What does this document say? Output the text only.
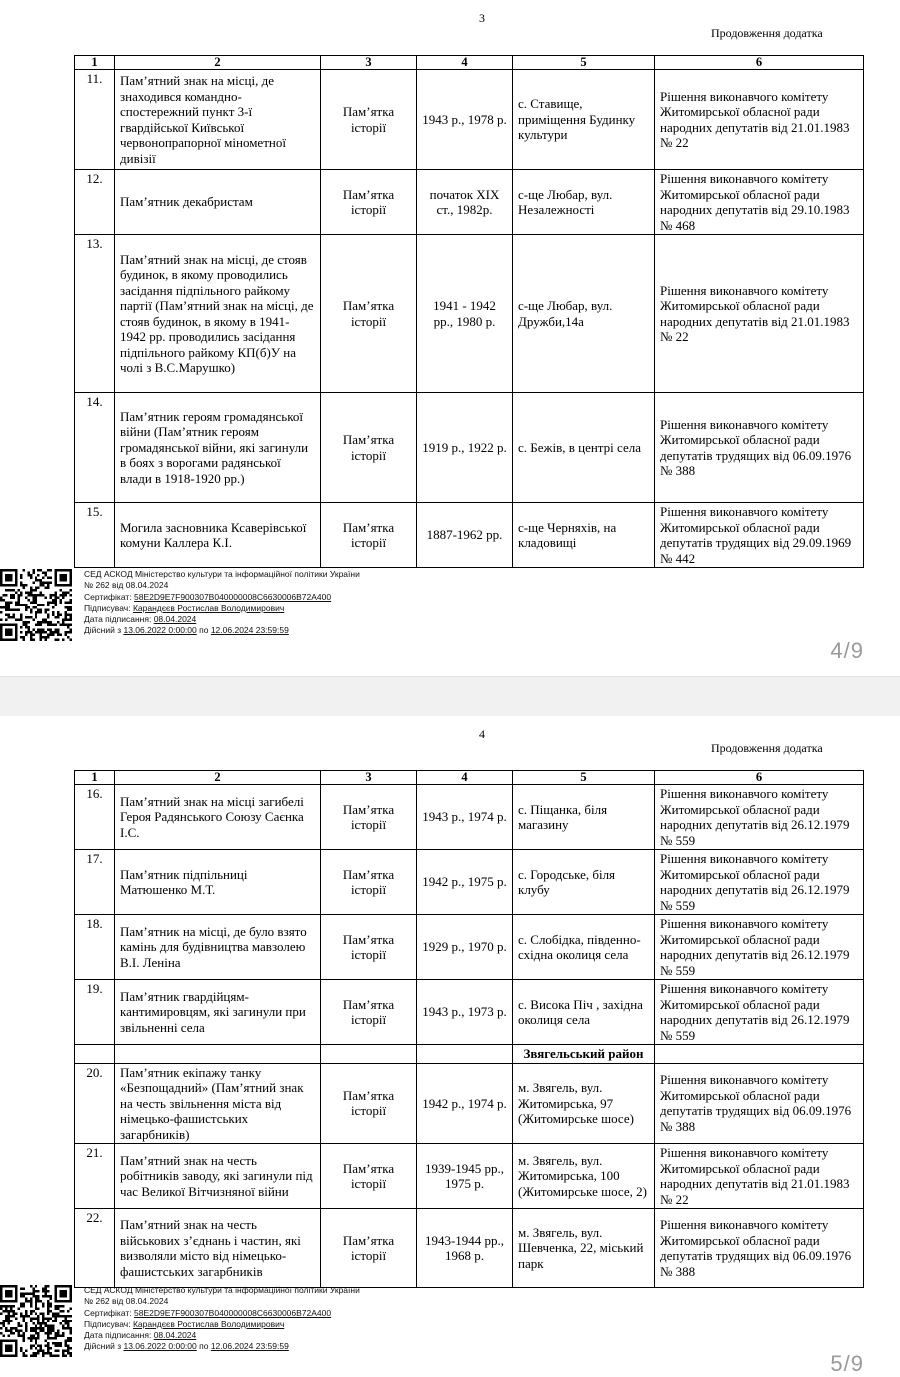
3
Продовження додатка
1	2	3	4	5	6
11.	Пам’ятний знак на місці, де знаходився командно-спостережний пункт 3-ї гвардійської Київської червонопрапорної мінометної дивізії	Пам’ятка історії	1943 р., 1978 р.	с. Ставище, приміщення Будинку культури	Рішення виконавчого комітету Житомирської обласної ради народних депутатів від 21.01.1983 № 22
12.	Пам’ятник декабристам	Пам’ятка історії	початок ХІХ ст., 1982р.	с-ще Любар, вул. Незалежності	Рішення виконавчого комітету Житомирської обласної ради народних депутатів від 29.10.1983 № 468
13.	Пам’ятний знак на місці, де стояв будинок, в якому проводились засідання підпільного райкому партії (Пам’ятний знак на місці, де стояв будинок, в якому в 1941-1942 рр. проводились засідання підпільного райкому КП(б)У на чолі з В.С.Марушко)	Пам’ятка історії	1941 - 1942 рр., 1980 р.	с-ще Любар, вул. Дружби,14а	Рішення виконавчого комітету Житомирської обласної ради народних депутатів від 21.01.1983 № 22
14.	Пам’ятник героям громадянської війни (Пам’ятник героям громадянської війни, які загинули в боях з ворогами радянської влади в 1918-1920 рр.)	Пам’ятка історії	1919 р., 1922 р.	с. Бежів, в центрі села	Рішення виконавчого комітету Житомирської обласної ради депутатів трудящих від 06.09.1976 № 388
15.	Могила засновника Ксаверівської комуни Каллера К.І.	Пам’ятка історії	1887-1962 рр.	с-ще Черняхів, на кладовищі	Рішення виконавчого комітету Житомирської обласної ради депутатів трудящих від 29.09.1969 № 442
СЕД АСКОД Міністерство культури та інформаційної політики України
№ 262 від 08.04.2024
Сертифікат: 58E2D9E7F900307B040000008C6630006B72A400
Підписувач: Карандєєв Ростислав Володимирович
Дата підписання: 08.04.2024
Дійсний з 13.06.2022 0:00:00 по 12.06.2024 23:59:59
4/9
4
Продовження додатка
1	2	3	4	5	6
16.	Пам’ятний знак на місці загибелі Героя Радянського Союзу Саєнка І.С.	Пам’ятка історії	1943 р., 1974 р.	с. Піщанка, біля магазину	Рішення виконавчого комітету Житомирської обласної ради народних депутатів від 26.12.1979 № 559
17.	Пам’ятник підпільниці Матюшенко М.Т.	Пам’ятка історії	1942 р., 1975 р.	с. Городське, біля клубу	Рішення виконавчого комітету Житомирської обласної ради народних депутатів від 26.12.1979 № 559
18.	Пам’ятник на місці, де було взято камінь для будівництва мавзолею В.І. Леніна	Пам’ятка історії	1929 р., 1970 р.	с. Слобідка, південно-східна околиця села	Рішення виконавчого комітету Житомирської обласної ради народних депутатів від 26.12.1979 № 559
19.	Пам’ятник гвардійцям-кантимировцям, які загинули при звільненні села	Пам’ятка історії	1943 р., 1973 р.	с. Висока Піч , західна околиця села	Рішення виконавчого комітету Житомирської обласної ради народних депутатів від 26.12.1979 № 559
				Звягельський район	
20.	Пам’ятник екіпажу танку «Безпощадний» (Пам’ятний знак на честь звільнення міста від німецько-фашистських загарбників)	Пам’ятка історії	1942 р., 1974 р.	м. Звягель, вул. Житомирська, 97 (Житомирське шосе)	Рішення виконавчого комітету Житомирської обласної ради депутатів трудящих від 06.09.1976 № 388
21.	Пам’ятний знак на честь робітників заводу, які загинули під час Великої Вітчизняної війни	Пам’ятка історії	1939-1945 рр., 1975 р.	м. Звягель, вул. Житомирська, 100 (Житомирське шосе, 2)	Рішення виконавчого комітету Житомирської обласної ради народних депутатів від 21.01.1983 № 22
22.	Пам’ятний знак на честь військових з’єднань і частин, які визволяли місто від німецько-фашистських загарбників	Пам’ятка історії	1943-1944 рр., 1968 р.	м. Звягель, вул. Шевченка, 22, міський парк	Рішення виконавчого комітету Житомирської обласної ради депутатів трудящих від 06.09.1976 № 388
СЕД АСКОД Міністерство культури та інформаційної політики України
№ 262 від 08.04.2024
Сертифікат: 58E2D9E7F900307B040000008C6630006B72A400
Підписувач: Карандєєв Ростислав Володимирович
Дата підписання: 08.04.2024
Дійсний з 13.06.2022 0:00:00 по 12.06.2024 23:59:59
5/9
